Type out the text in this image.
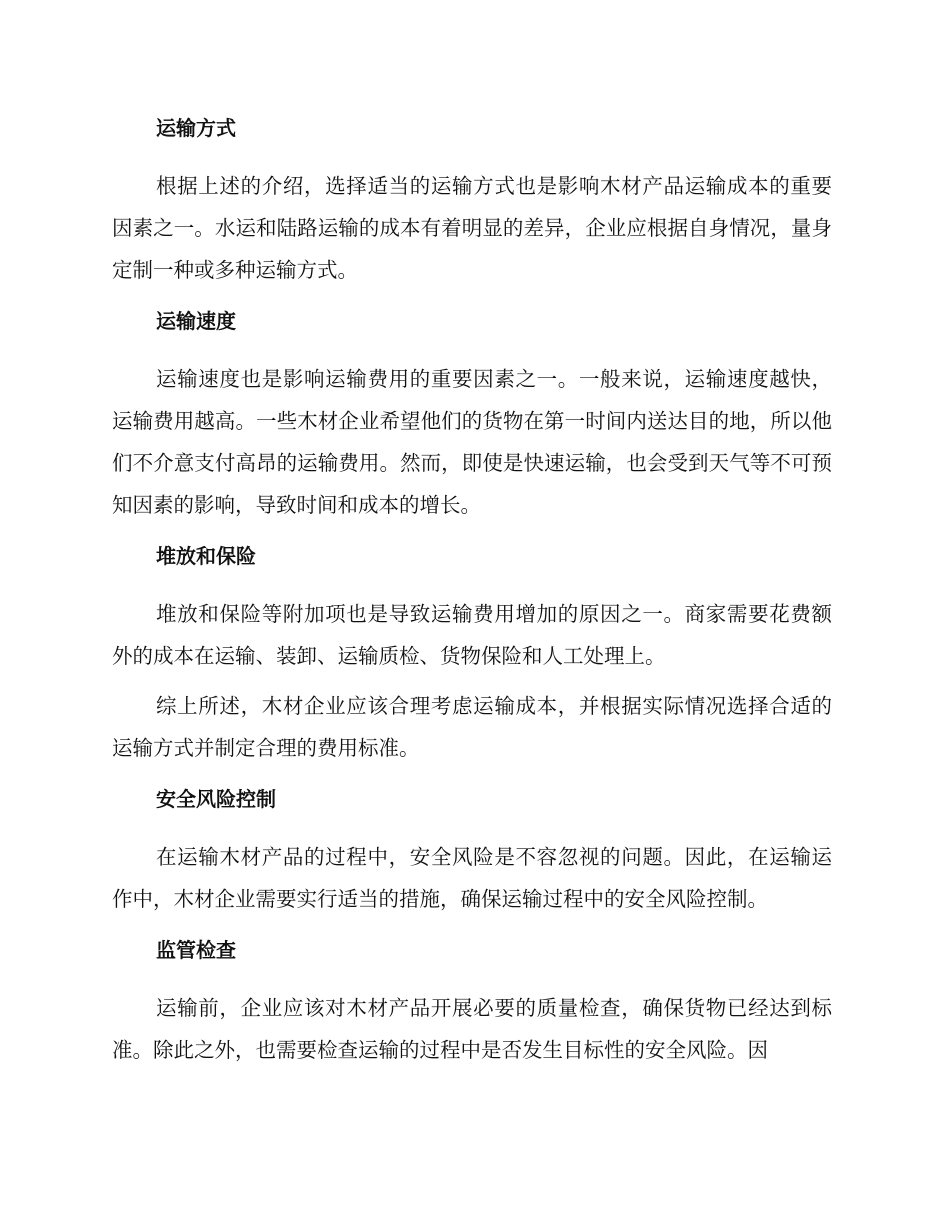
运输方式

根据上述的介绍，选择适当的运输方式也是影响木材产品运输成本的重要因素之一。水运和陆路运输的成本有着明显的差异，企业应根据自身情况，量身定制一种或多种运输方式。

运输速度

运输速度也是影响运输费用的重要因素之一。一般来说，运输速度越快，运输费用越高。一些木材企业希望他们的货物在第一时间内送达目的地，所以他们不介意支付高昂的运输费用。然而，即使是快速运输，也会受到天气等不可预知因素的影响，导致时间和成本的增长。

堆放和保险

堆放和保险等附加项也是导致运输费用增加的原因之一。商家需要花费额外的成本在运输、装卸、运输质检、货物保险和人工处理上。

综上所述，木材企业应该合理考虑运输成本，并根据实际情况选择合适的运输方式并制定合理的费用标准。

安全风险控制

在运输木材产品的过程中，安全风险是不容忽视的问题。因此，在运输运作中，木材企业需要实行适当的措施，确保运输过程中的安全风险控制。

监管检查

运输前，企业应该对木材产品开展必要的质量检查，确保货物已经达到标准。除此之外，也需要检查运输的过程中是否发生目标性的安全风险。因
